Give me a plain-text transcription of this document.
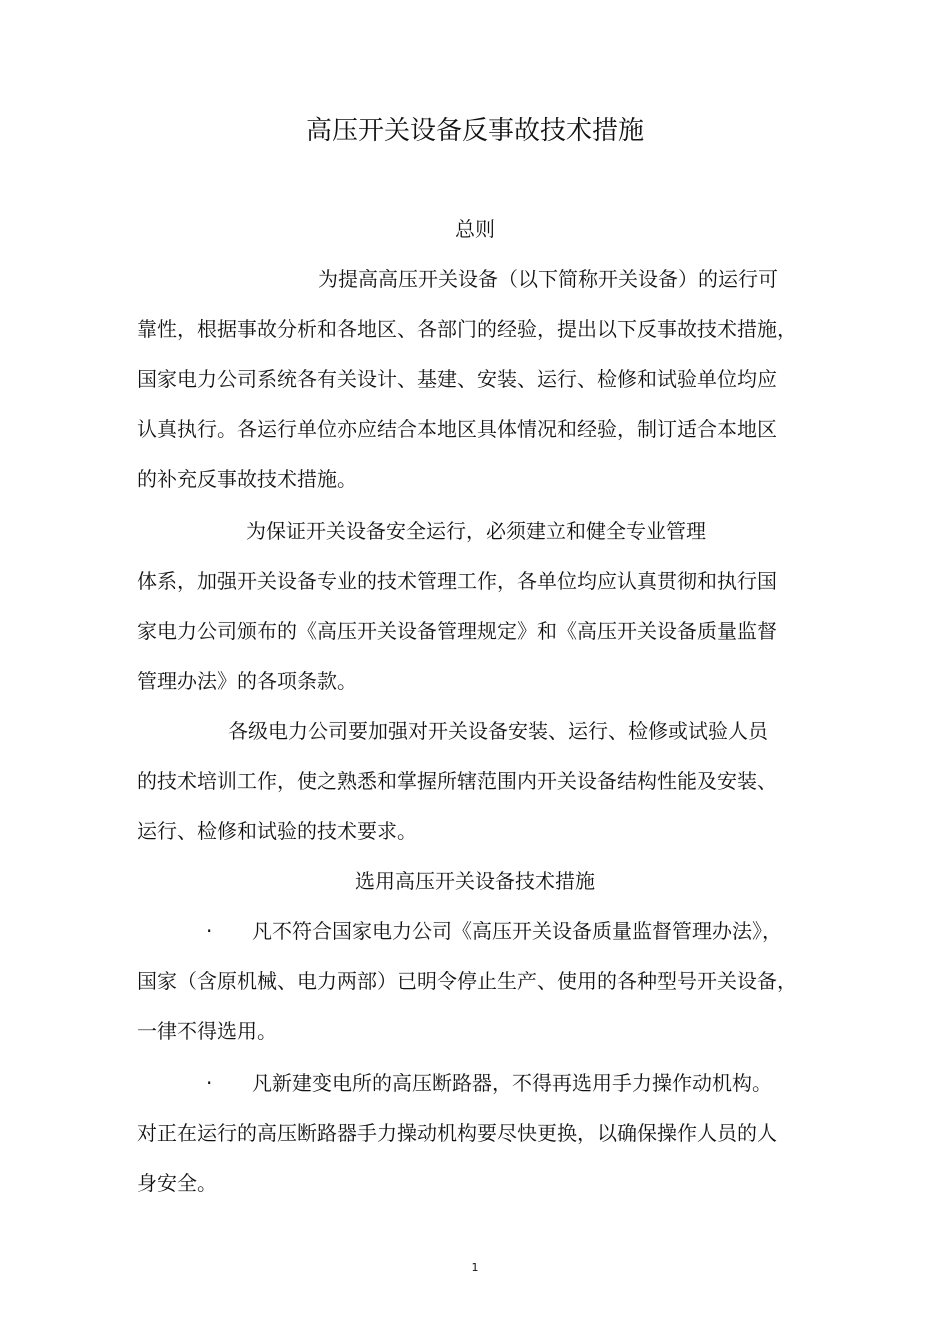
高压开关设备反事故技术措施
总则
为提高高压开关设备（以下简称开关设备）的运行可
靠性，根据事故分析和各地区、各部门的经验，提出以下反事故技术措施，
国家电力公司系统各有关设计、基建、安装、运行、检修和试验单位均应
认真执行。各运行单位亦应结合本地区具体情况和经验，制订适合本地区
的补充反事故技术措施。
为保证开关设备安全运行，必须建立和健全专业管理
体系，加强开关设备专业的技术管理工作，各单位均应认真贯彻和执行国
家电力公司颁布的《高压开关设备管理规定》和《高压开关设备质量监督
管理办法》的各项条款。
各级电力公司要加强对开关设备安装、运行、检修或试验人员
的技术培训工作，使之熟悉和掌握所辖范围内开关设备结构性能及安装、
运行、检修和试验的技术要求。
选用高压开关设备技术措施
· 凡不符合国家电力公司《高压开关设备质量监督管理办法》，
国家（含原机械、电力两部）已明令停止生产、使用的各种型号开关设备，
一律不得选用。
· 凡新建变电所的高压断路器，不得再选用手力操作动机构。
对正在运行的高压断路器手力操动机构要尽快更换，以确保操作人员的人
身安全。
1
